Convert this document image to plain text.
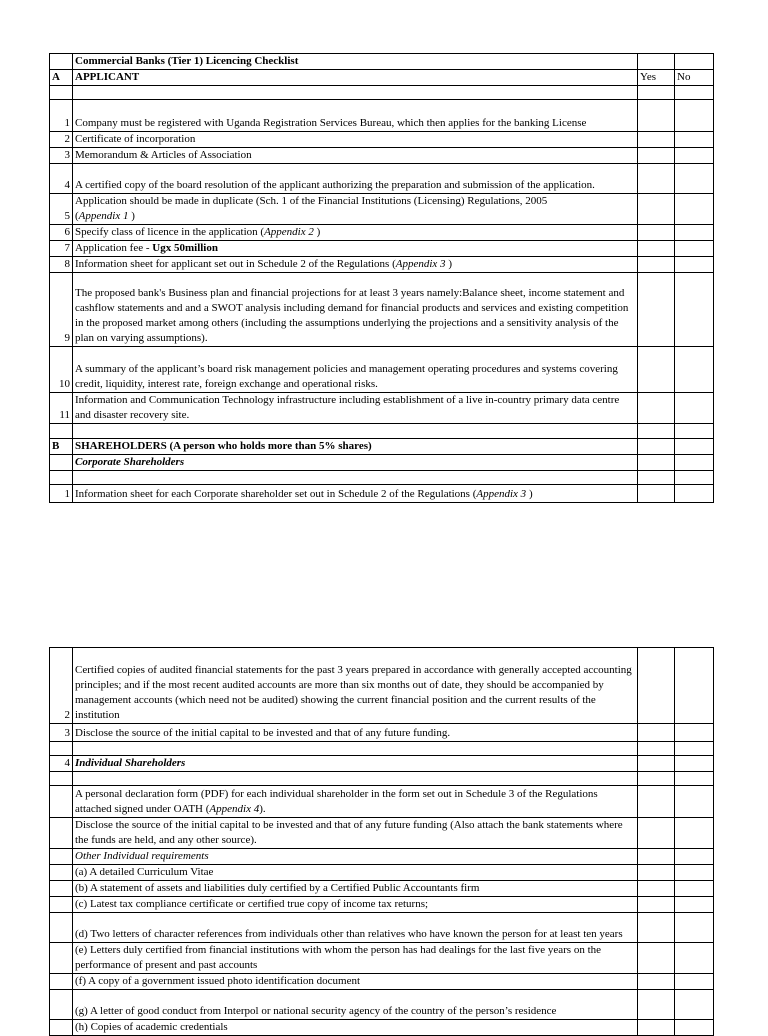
	Commercial Banks (Tier 1) Licencing Checklist		
A	APPLICANT	Yes	No

1	Company must be registered with Uganda Registration Services Bureau, which then applies for the banking License		
2	Certificate of incorporation		
3	Memorandum & Articles of Association		
4	A certified copy of the board resolution of the applicant authorizing the preparation and submission of the application.		
5	Application should be made in duplicate (Sch. 1 of the Financial Institutions (Licensing) Regulations, 2005
(Appendix 1 )		
6	Specify class of licence in the application (Appendix 2 )		
7	Application fee - Ugx 50million		
8	Information sheet for applicant set out in Schedule 2 of the Regulations (Appendix 3 )		
9	The proposed bank's Business plan and financial projections for at least 3 years namely:Balance sheet, income statement and cashflow statements and and a SWOT analysis including demand for financial products and services and existing competition in the proposed market among others (including the assumptions underlying the projections and a sensitivity analysis of the plan on varying assumptions).		
10	A summary of the applicant’s board risk management policies and management operating procedures and systems covering credit, liquidity, interest rate, foreign exchange and operational risks.		
11	Information and Communication Technology infrastructure including establishment of a live in-country primary data centre and disaster recovery site.		

B	SHAREHOLDERS (A person who holds more than 5% shares)		
	Corporate Shareholders		

1	Information sheet for each Corporate shareholder set out in Schedule 2 of the Regulations (Appendix 3 )		
2	Certified copies of audited financial statements for the past 3 years prepared in accordance with generally accepted accounting principles; and if the most recent audited accounts are more than six months out of date, they should be accompanied by management accounts (which need not be audited) showing the current financial position and the current results of the institution		
3	Disclose the source of the initial capital to be invested and that of any future funding.		

4	Individual Shareholders		

	A personal declaration form (PDF) for each individual shareholder in the form set out in Schedule 3 of the Regulations attached signed under OATH (Appendix 4).		
	Disclose the source of the initial capital to be invested and that of any future funding (Also attach the bank statements where the funds are held, and any other source).		
	Other Individual requirements		
	(a) A detailed Curriculum Vitae		
	(b) A statement of assets and liabilities duly certified by a Certified Public Accountants firm		
	(c) Latest tax compliance certificate or certified true copy of income tax returns;		
	(d) Two letters of character references from individuals other than relatives who have known the person for at least ten years		
	(e) Letters duly certified from financial institutions with whom the person has had dealings for the last five years on the performance of present and past accounts		
	(f) A copy of a government issued photo identification document		
	(g) A letter of good conduct from Interpol or national security agency of the country of the person’s residence		
	(h) Copies of academic credentials		
